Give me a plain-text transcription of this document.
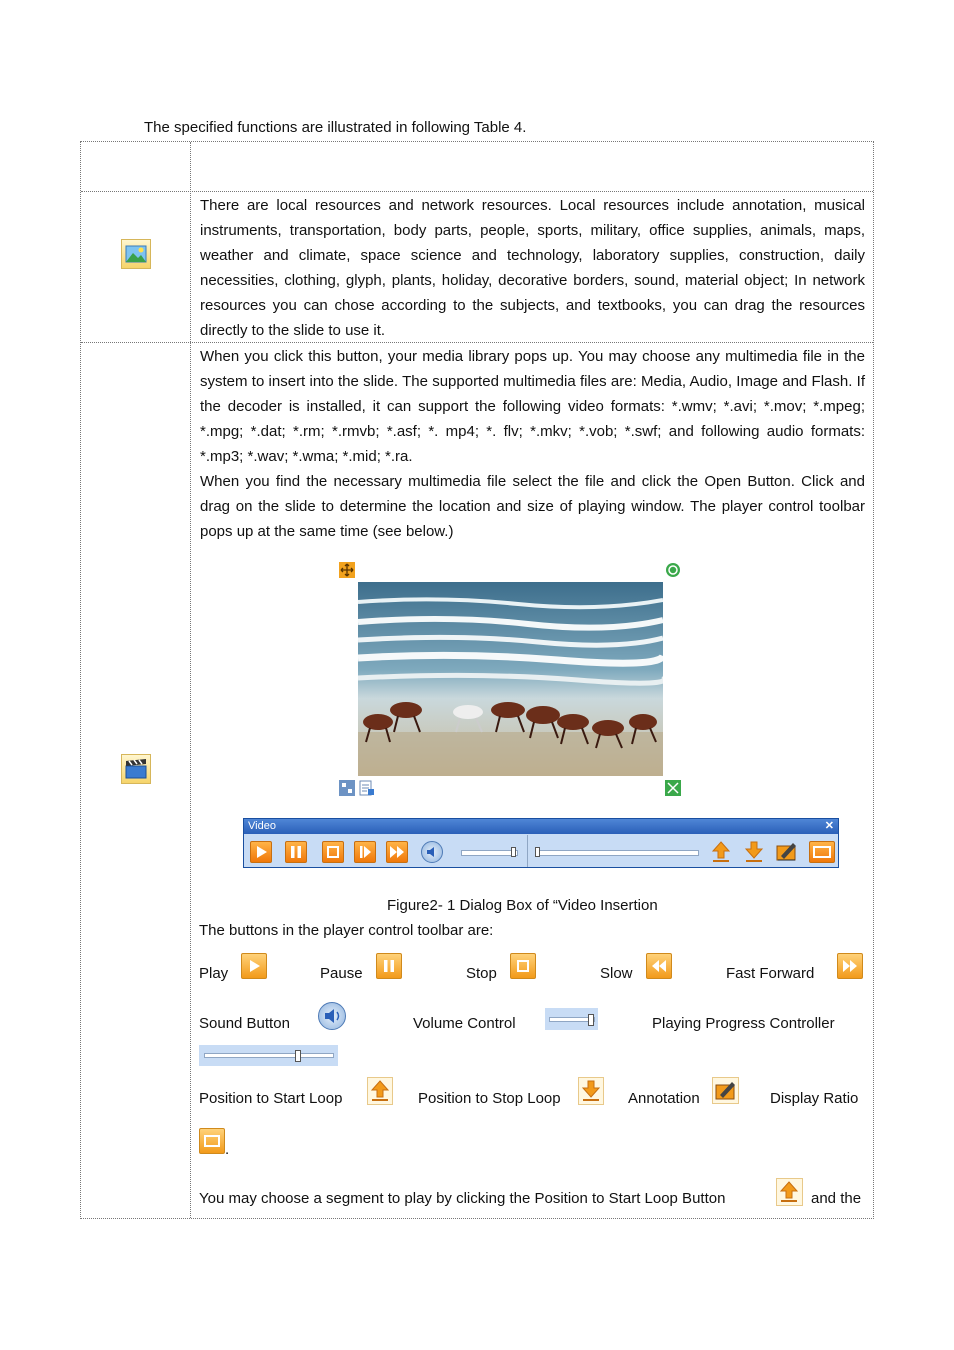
The specified functions are illustrated in following Table 4.
There are local resources and network resources. Local resources include annotation, musical instruments, transportation, body parts, people, sports, military, office supplies, animals, maps, weather and climate, space science and technology, laboratory supplies, construction, daily necessities, clothing, glyph, plants, holiday, decorative borders, sound, material object; In network resources you can chose according to the subjects, and textbooks, you can drag the resources directly to the slide to use it.
When you click this button, your media library pops up. You may choose any multimedia file in the system to insert into the slide. The supported multimedia files are: Media, Audio, Image and Flash. If the decoder is installed, it can support the following video formats: *.wmv; *.avi; *.mov; *.mpeg; *.mpg; *.dat; *.rm; *.rmvb; *.asf; *. mp4; *. flv; *.mkv; *.vob; *.swf; and following audio formats: *.mp3; *.wav; *.wma; *.mid; *.ra.
When you find the necessary multimedia file select the file and click the Open Button. Click and drag on the slide to determine the location and size of playing window. The player control toolbar pops up at the same time (see below.)
Video	✕
Figure2- 1 Dialog Box of “Video Insertion
The buttons in the player control toolbar are:
Play	Pause	Stop	Slow	Fast Forward
Sound Button	Volume Control	Playing Progress Controller
Position to Start Loop	Position to Stop Loop	Annotation	Display Ratio
.
You may choose a segment to play by clicking the Position to Start Loop Button	and the
